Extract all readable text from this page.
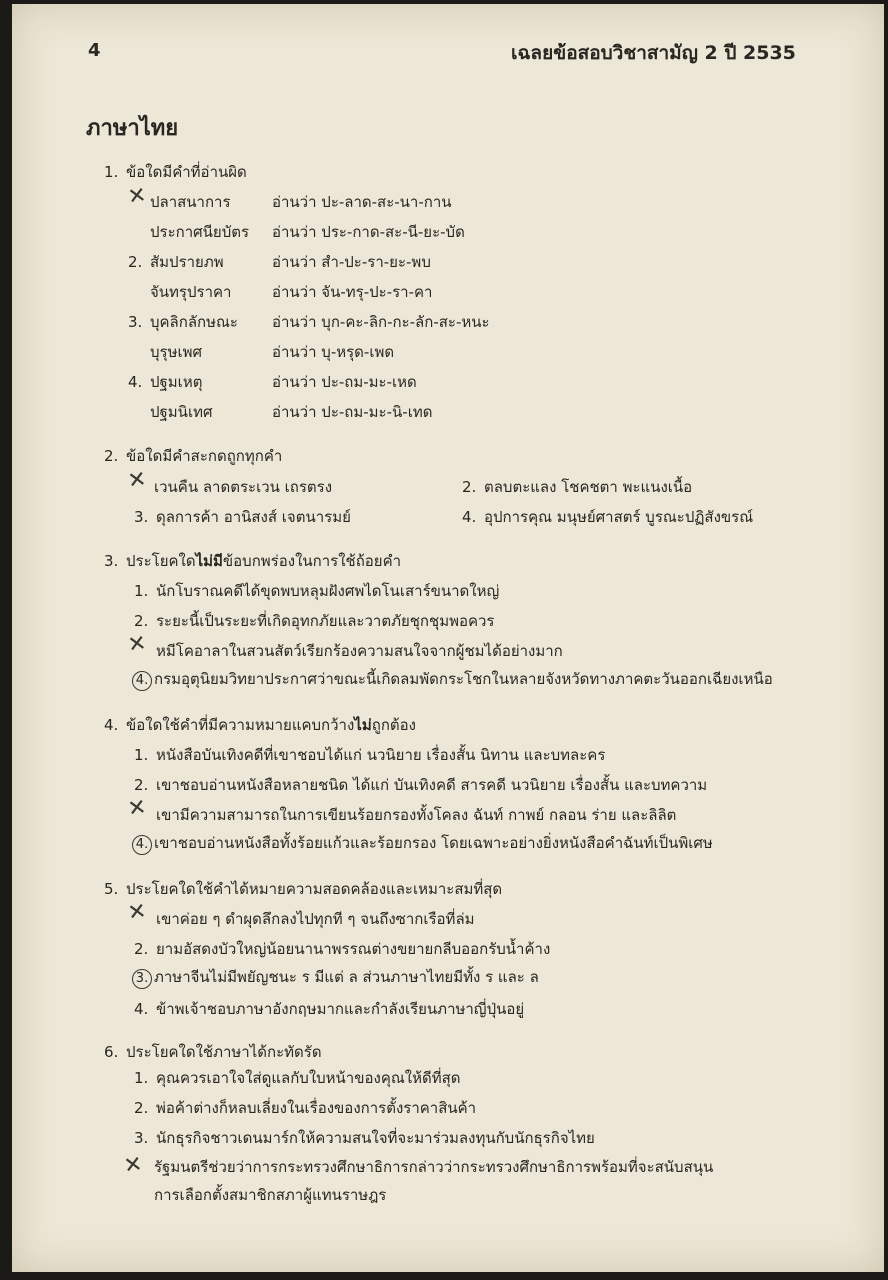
4	เฉลยข้อสอบวิชาสามัญ 2 ปี 2535
ภาษาไทย
1. ข้อใดมีคำที่อ่านผิด
✕ ปลาสนาการ	อ่านว่า ปะ-ลาด-สะ-นา-กาน
ประกาศนียบัตร อ่านว่า ประ-กาด-สะ-นี-ยะ-บัด
2. สัมปรายภพ	อ่านว่า สำ-ปะ-รา-ยะ-พบ
จันทรุปราคา	อ่านว่า จัน-ทรุ-ปะ-รา-คา
3. บุคลิกลักษณะ อ่านว่า บุก-คะ-ลิก-กะ-ลัก-สะ-หนะ
บุรุษเพศ	อ่านว่า บุ-หรุด-เพด
4. ปฐมเหตุ	อ่านว่า ปะ-ถม-มะ-เหด
ปฐมนิเทศ	อ่านว่า ปะ-ถม-มะ-นิ-เทด
2. ข้อใดมีคำสะกดถูกทุกคำ
✕ เวนคืน ลาดตระเวน เถรตรง	2. ตลบตะแลง โชคชตา พะแนงเนื้อ
3. ดุลการค้า อานิสงส์ เจตนารมย์	4. อุปการคุณ มนุษย์ศาสตร์ บูรณะปฏิสังขรณ์
3. ประโยคใดไม่มีข้อบกพร่องในการใช้ถ้อยคำ
1. นักโบราณคดีได้ขุดพบหลุมฝังศพไดโนเสาร์ขนาดใหญ่
2. ระยะนี้เป็นระยะที่เกิดอุทกภัยและวาตภัยชุกชุมพอควร
✕ หมีโคอาลาในสวนสัตว์เรียกร้องความสนใจจากผู้ชมได้อย่างมาก
4. กรมอุตุนิยมวิทยาประกาศว่าขณะนี้เกิดลมพัดกระโชกในหลายจังหวัดทางภาคตะวันออกเฉียงเหนือ
4. ข้อใดใช้คำที่มีความหมายแคบกว้างไม่ถูกต้อง
1. หนังสือบันเทิงคดีที่เขาชอบได้แก่ นวนิยาย เรื่องสั้น นิทาน และบทละคร
2. เขาชอบอ่านหนังสือหลายชนิด ได้แก่ บันเทิงคดี สารคดี นวนิยาย เรื่องสั้น และบทความ
✕ เขามีความสามารถในการเขียนร้อยกรองทั้งโคลง ฉันท์ กาพย์ กลอน ร่าย และลิลิต
4. เขาชอบอ่านหนังสือทั้งร้อยแก้วและร้อยกรอง โดยเฉพาะอย่างยิ่งหนังสือคำฉันท์เป็นพิเศษ
5. ประโยคใดใช้คำได้หมายความสอดคล้องและเหมาะสมที่สุด
✕ เขาค่อย ๆ ดำผุดลึกลงไปทุกที ๆ จนถึงซากเรือที่ล่ม
2. ยามอัสดงบัวใหญ่น้อยนานาพรรณต่างขยายกลีบออกรับน้ำค้าง
3. ภาษาจีนไม่มีพยัญชนะ ร มีแต่ ล ส่วนภาษาไทยมีทั้ง ร และ ล
4. ข้าพเจ้าชอบภาษาอังกฤษมากและกำลังเรียนภาษาญี่ปุ่นอยู่
6. ประโยคใดใช้ภาษาได้กะทัดรัด
1. คุณควรเอาใจใส่ดูแลกับใบหน้าของคุณให้ดีที่สุด
2. พ่อค้าต่างก็หลบเลี่ยงในเรื่องของการตั้งราคาสินค้า
3. นักธุรกิจชาวเดนมาร์กให้ความสนใจที่จะมาร่วมลงทุนกับนักธุรกิจไทย
✕ รัฐมนตรีช่วยว่าการกระทรวงศึกษาธิการกล่าวว่ากระทรวงศึกษาธิการพร้อมที่จะสนับสนุน
การเลือกตั้งสมาชิกสภาผู้แทนราษฎร
